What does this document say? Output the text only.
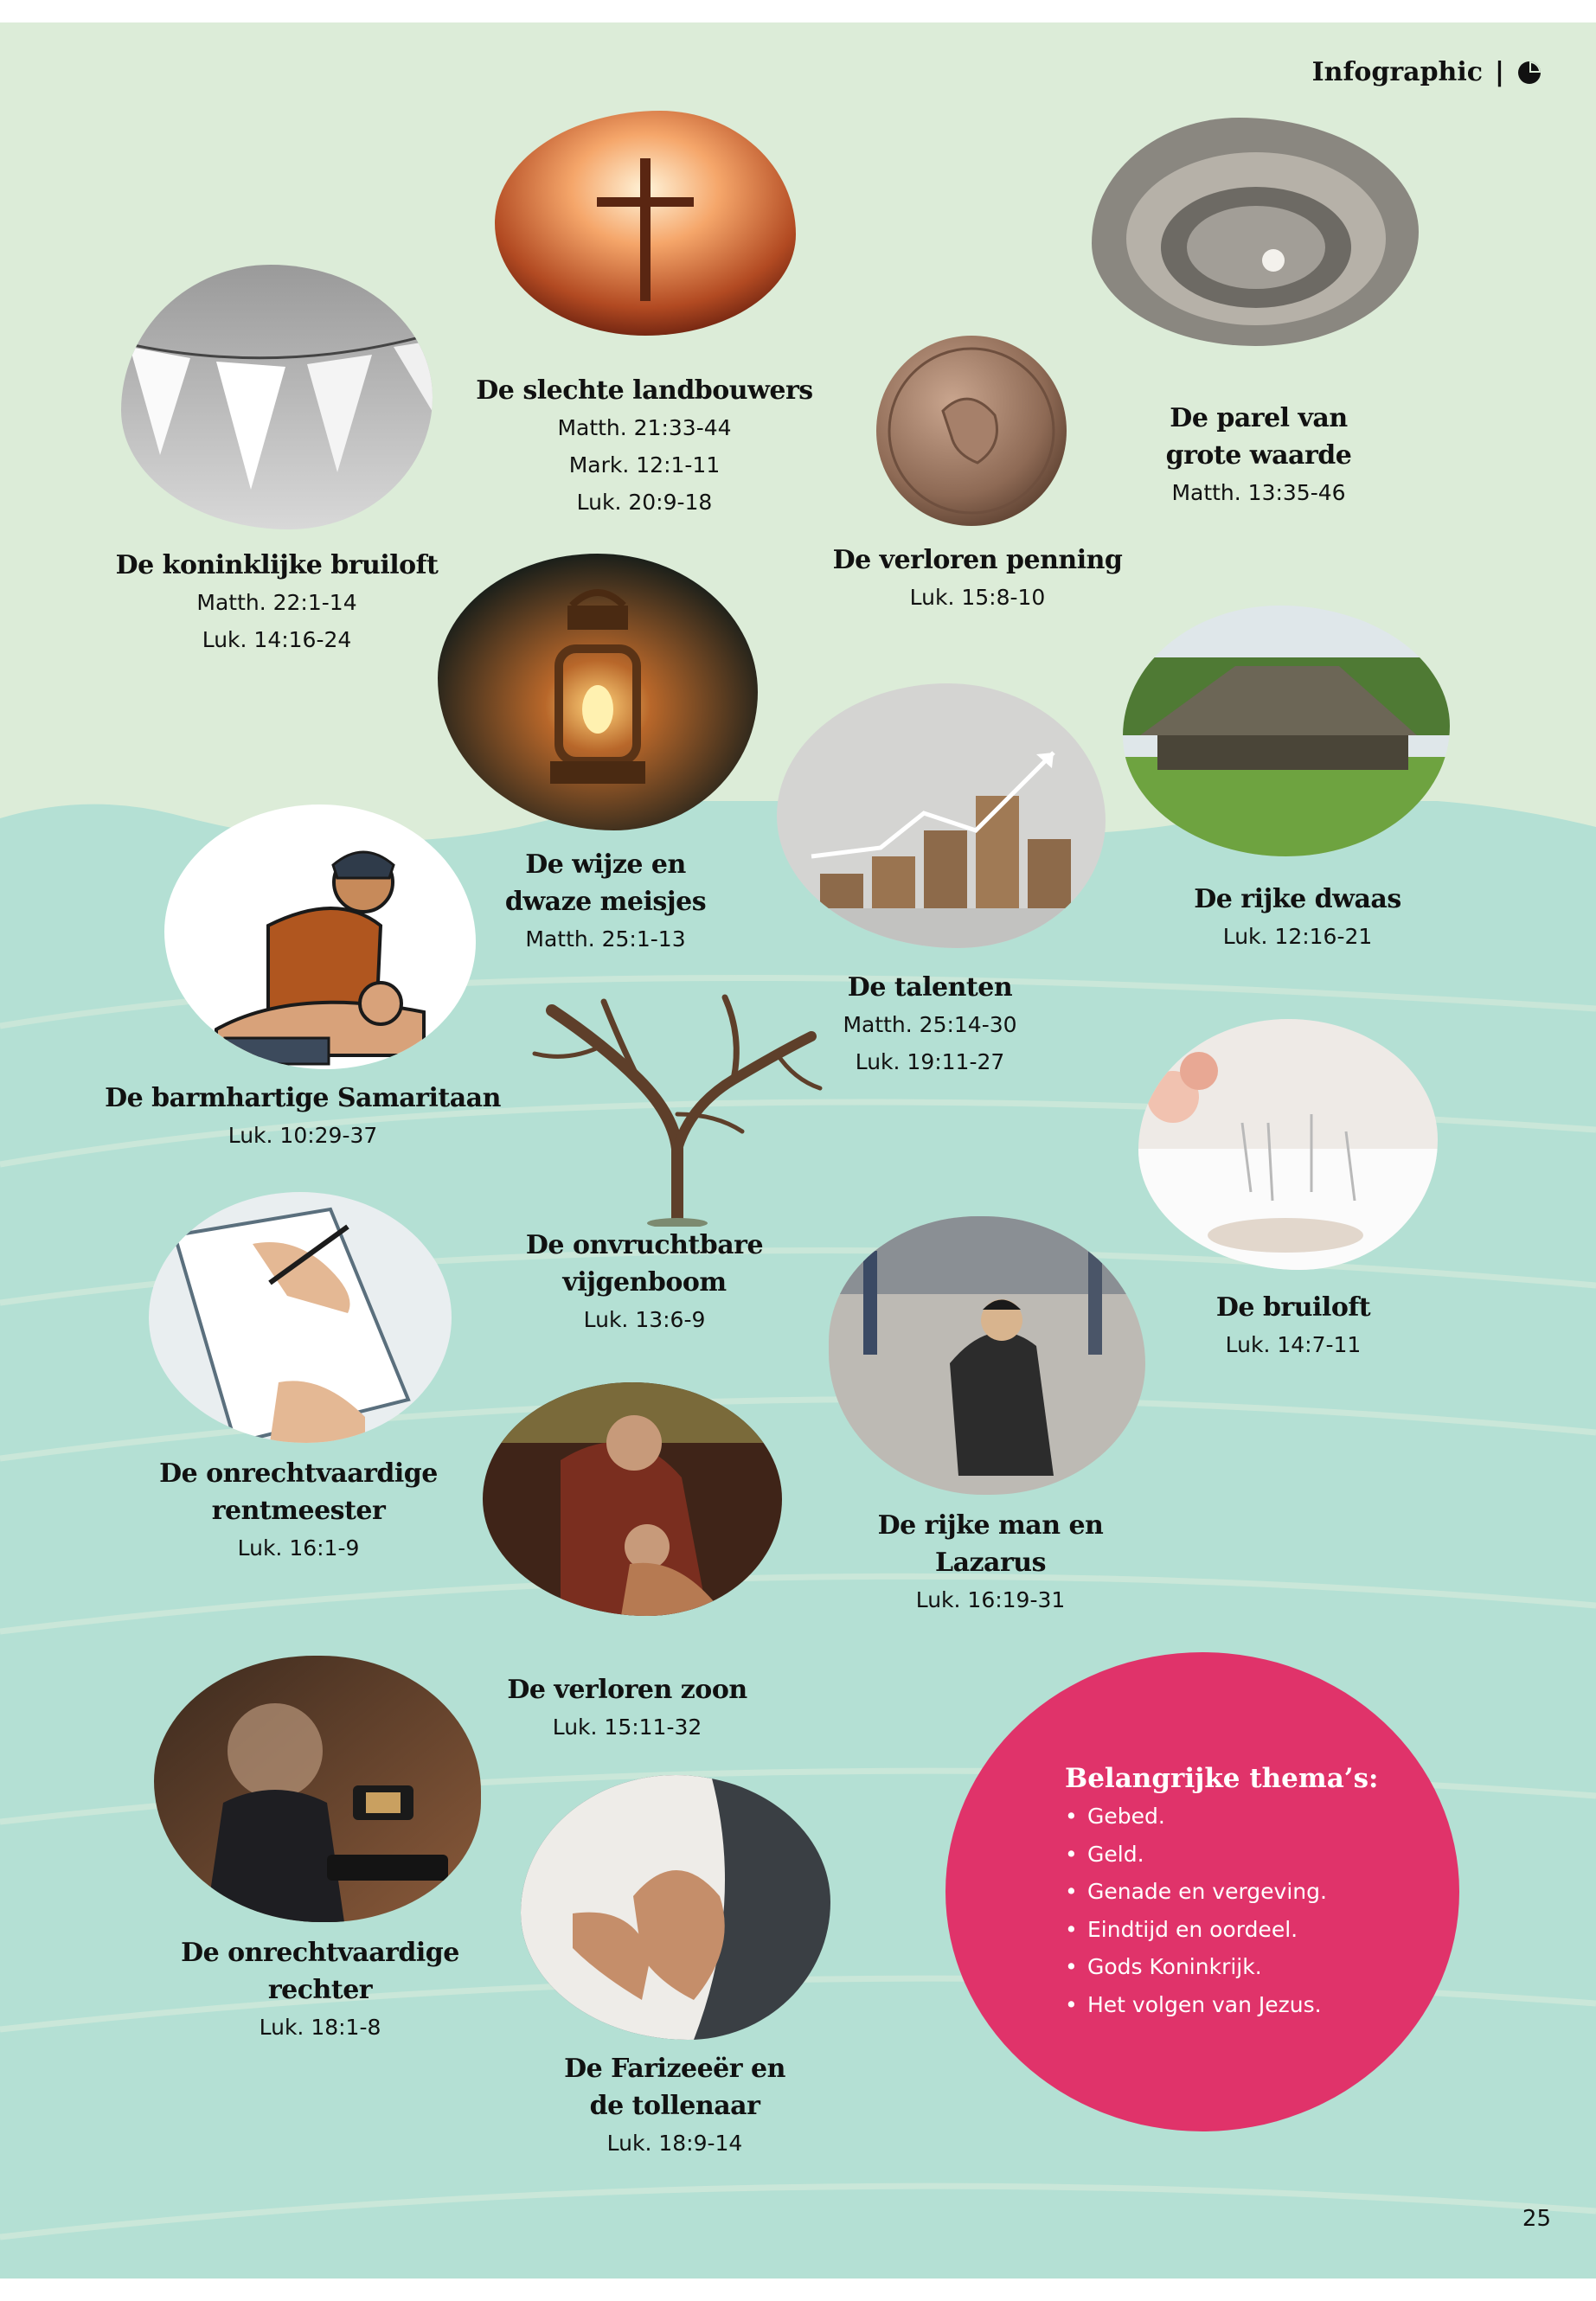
Infographic |
De koninklijke bruiloft
Matth. 22:1-14
Luk. 14:16-24
De slechte landbouwers
Matth. 21:33-44
Mark. 12:1-11
Luk. 20:9-18
De verloren penning
Luk. 15:8-10
De parel van
grote waarde
Matth. 13:35-46
De wijze en
dwaze meisjes
Matth. 25:1-13
De talenten
Matth. 25:14-30
Luk. 19:11-27
De rijke dwaas
Luk. 12:16-21
De barmhartige Samaritaan
Luk. 10:29-37
De onvruchtbare
vijgenboom
Luk. 13:6-9	De bruiloft
Luk. 14:7-11
De onrechtvaardige
rentmeester
Luk. 16:1-9
De rijke man en
Lazarus
Luk. 16:19-31
De verloren zoon
Luk. 15:11-32
De onrechtvaardige
rechter
Luk. 18:1-8
De Farizeeër en
de tollenaar
Luk. 18:9-14
Belangrijke thema’s:
• Gebed.
• Geld.
• Genade en vergeving.
• Eindtijd en oordeel.
• Gods Koninkrijk.
• Het volgen van Jezus.
25
